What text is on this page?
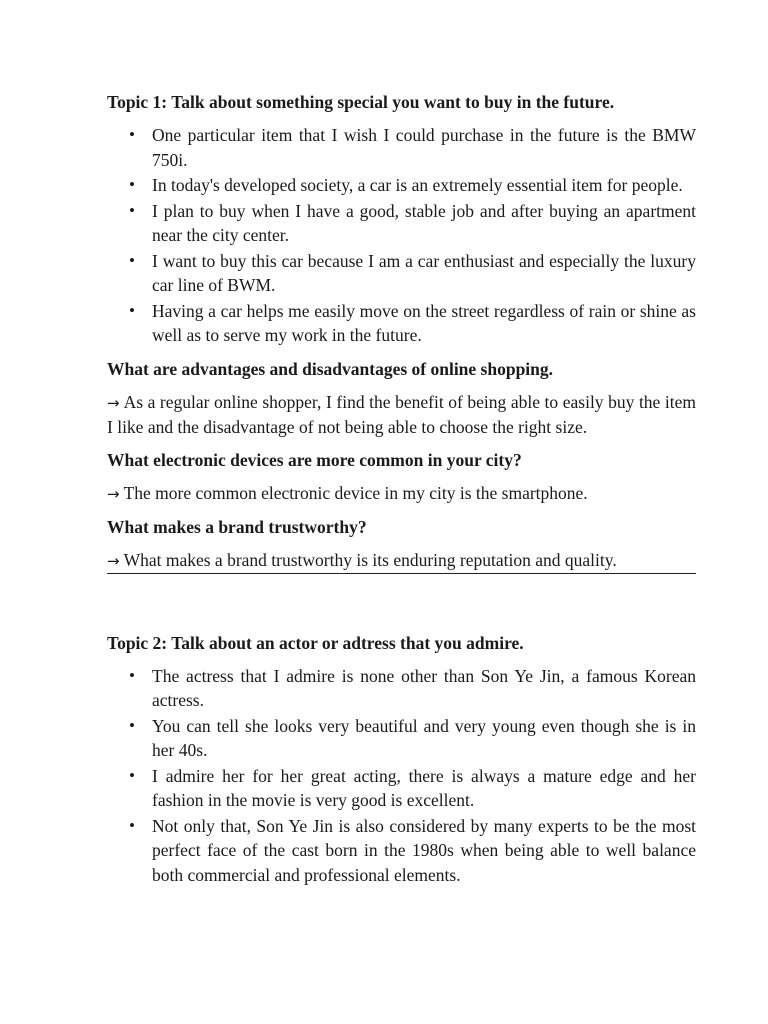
Topic 1: Talk about something special you want to buy in the future.
• One particular item that I wish I could purchase in the future is the BMW 750i.
• In today's developed society, a car is an extremely essential item for people.
• I plan to buy when I have a good, stable job and after buying an apartment near the city center.
• I want to buy this car because I am a car enthusiast and especially the luxury car line of BWM.
• Having a car helps me easily move on the street regardless of rain or shine as well as to serve my work in the future.
What are advantages and disadvantages of online shopping.
→ As a regular online shopper, I find the benefit of being able to easily buy the item I like and the disadvantage of not being able to choose the right size.
What electronic devices are more common in your city?
→ The more common electronic device in my city is the smartphone.
What makes a brand trustworthy?
→ What makes a brand trustworthy is its enduring reputation and quality.
Topic 2: Talk about an actor or adtress that you admire.
• The actress that I admire is none other than Son Ye Jin, a famous Korean actress.
• You can tell she looks very beautiful and very young even though she is in her 40s.
• I admire her for her great acting, there is always a mature edge and her fashion in the movie is very good is excellent.
• Not only that, Son Ye Jin is also considered by many experts to be the most perfect face of the cast born in the 1980s when being able to well balance both commercial and professional elements.
